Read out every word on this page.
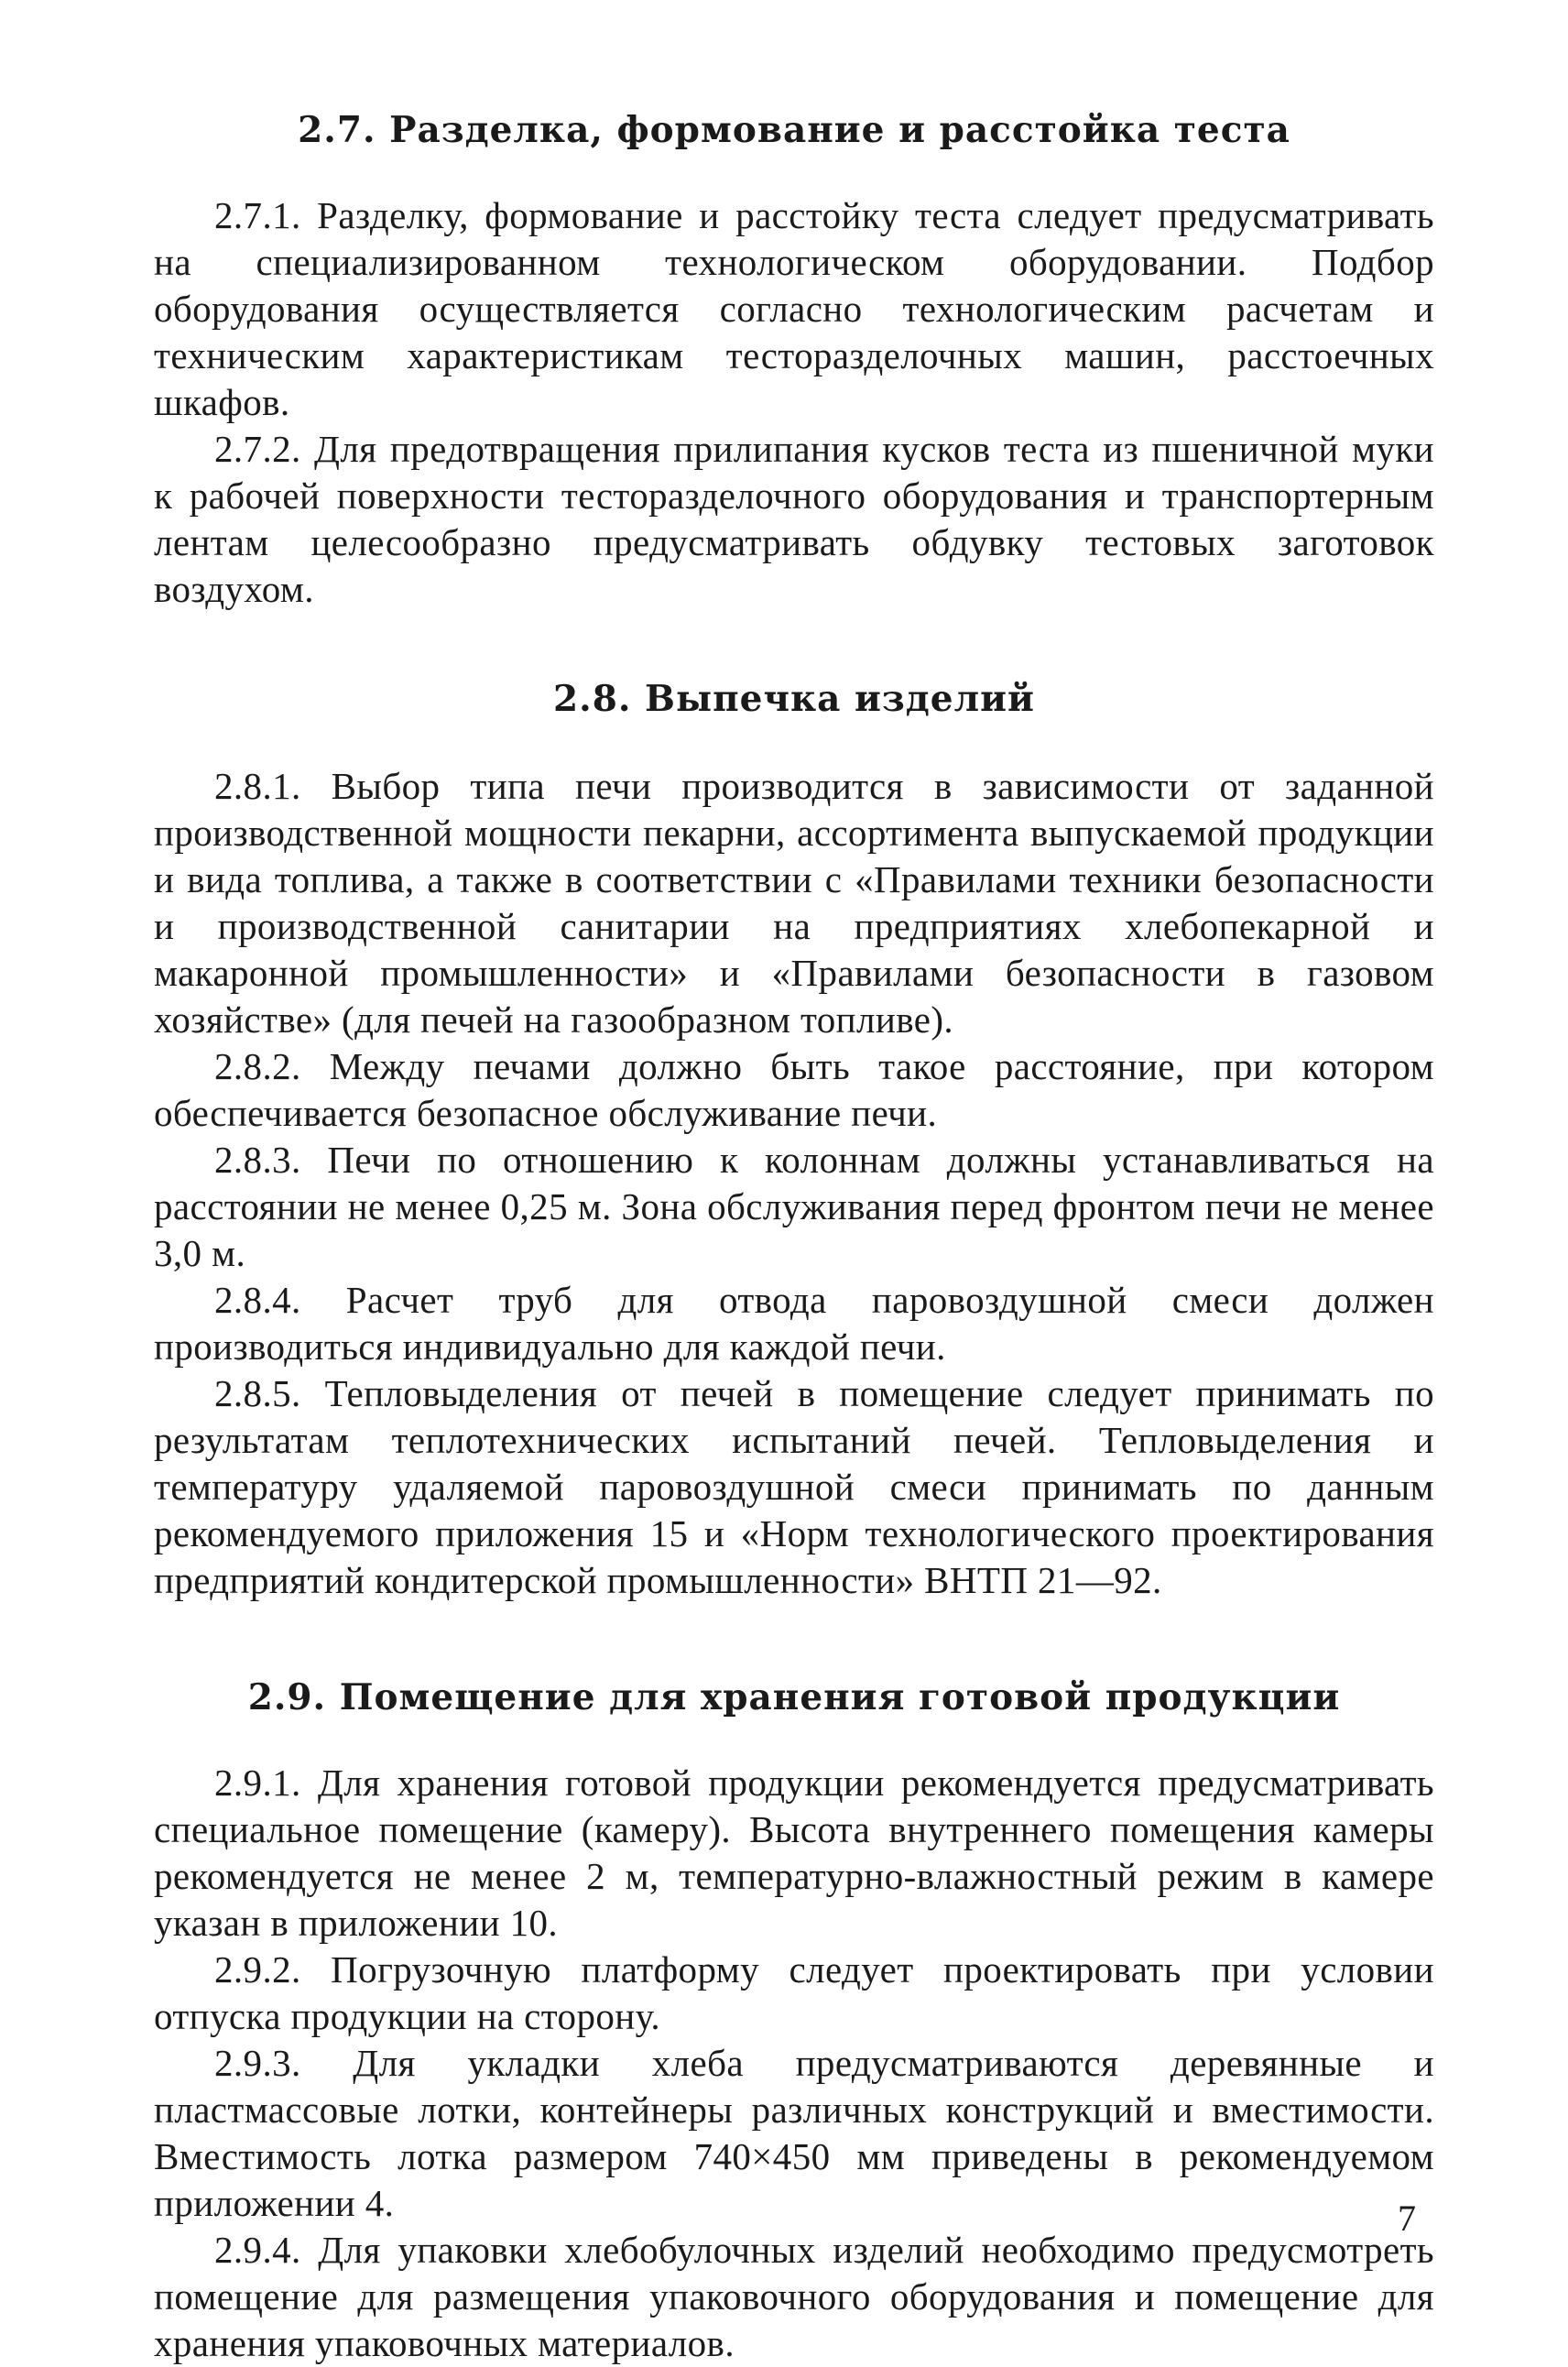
2.7. Разделка, формование и расстойка теста

2.7.1. Разделку, формование и расстойку теста следует предусматривать на специализированном технологическом оборудовании. Подбор оборудования осуществляется согласно технологическим расчетам и техническим характеристикам тесторазделочных машин, расстоечных шкафов.

2.7.2. Для предотвращения прилипания кусков теста из пшеничной муки к рабочей поверхности тесторазделочного оборудования и транспортерным лентам целесообразно предусматривать обдувку тестовых заготовок воздухом.

2.8. Выпечка изделий

2.8.1. Выбор типа печи производится в зависимости от заданной производственной мощности пекарни, ассортимента выпускаемой продукции и вида топлива, а также в соответствии с «Правилами техники безопасности и производственной санитарии на предприятиях хлебопекарной и макаронной промышленности» и «Правилами безопасности в газовом хозяйстве» (для печей на газообразном топливе).

2.8.2. Между печами должно быть такое расстояние, при котором обеспечивается безопасное обслуживание печи.

2.8.3. Печи по отношению к колоннам должны устанавливаться на расстоянии не менее 0,25 м. Зона обслуживания перед фронтом печи не менее 3,0 м.

2.8.4. Расчет труб для отвода паровоздушной смеси должен производиться индивидуально для каждой печи.

2.8.5. Тепловыделения от печей в помещение следует принимать по результатам теплотехнических испытаний печей. Тепловыделения и температуру удаляемой паровоздушной смеси принимать по данным рекомендуемого приложения 15 и «Норм технологического проектирования предприятий кондитерской промышленности» ВНТП 21—92.

2.9. Помещение для хранения готовой продукции

2.9.1. Для хранения готовой продукции рекомендуется предусматривать специальное помещение (камеру). Высота внутреннего помещения камеры рекомендуется не менее 2 м, температурно-влажностный режим в камере указан в приложении 10.

2.9.2. Погрузочную платформу следует проектировать при условии отпуска продукции на сторону.

2.9.3. Для укладки хлеба предусматриваются деревянные и пластмассовые лотки, контейнеры различных конструкций и вместимости. Вместимость лотка размером 740×450 мм приведены в рекомендуемом приложении 4.

2.9.4. Для упаковки хлебобулочных изделий необходимо предусмотреть помещение для размещения упаковочного оборудования и помещение для хранения упаковочных материалов.

7
